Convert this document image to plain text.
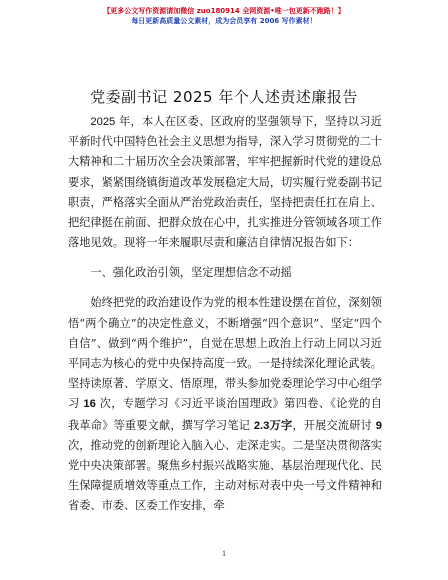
【更多公文写作资源请加微信 zuo180914 全网资源•唯一包更新不跑路！】
每日更新高质量公文素材，成为会员享有 2006 写作素材！
党委副书记 2025 年个人述责述廉报告

2025 年，本人在区委、区政府的坚强领导下，坚持以习近平新时代中国特色社会主义思想为指导，深入学习贯彻党的二十大精神和二十届历次全会决策部署，牢牢把握新时代党的建设总要求，紧紧围绕镇街道改革发展稳定大局，切实履行党委副书记职责，严格落实全面从严治党政治责任，坚持把责任扛在肩上、把纪律挺在前面、把群众放在心中，扎实推进分管领域各项工作落地见效。现将一年来履职尽责和廉洁自律情况报告如下：

一、强化政治引领，坚定理想信念不动摇

始终把党的政治建设作为党的根本性建设摆在首位，深刻领悟“两个确立”的决定性意义，不断增强“四个意识”、坚定“四个自信”、做到“两个维护”，自觉在思想上政治上行动上同以习近平同志为核心的党中央保持高度一致。一是持续深化理论武装。坚持读原著、学原文、悟原理，带头参加党委理论学习中心组学习 16 次，专题学习《习近平谈治国理政》第四卷、《论党的自我革命》等重要文献，撰写学习笔记 2.3万字，开展交流研讨 9 次，推动党的创新理论入脑入心、走深走实。二是坚决贯彻落实党中央决策部署。聚焦乡村振兴战略实施、基层治理现代化、民生保障提质增效等重点工作，主动对标对表中央一号文件精神和省委、市委、区委工作安排，牵

1
